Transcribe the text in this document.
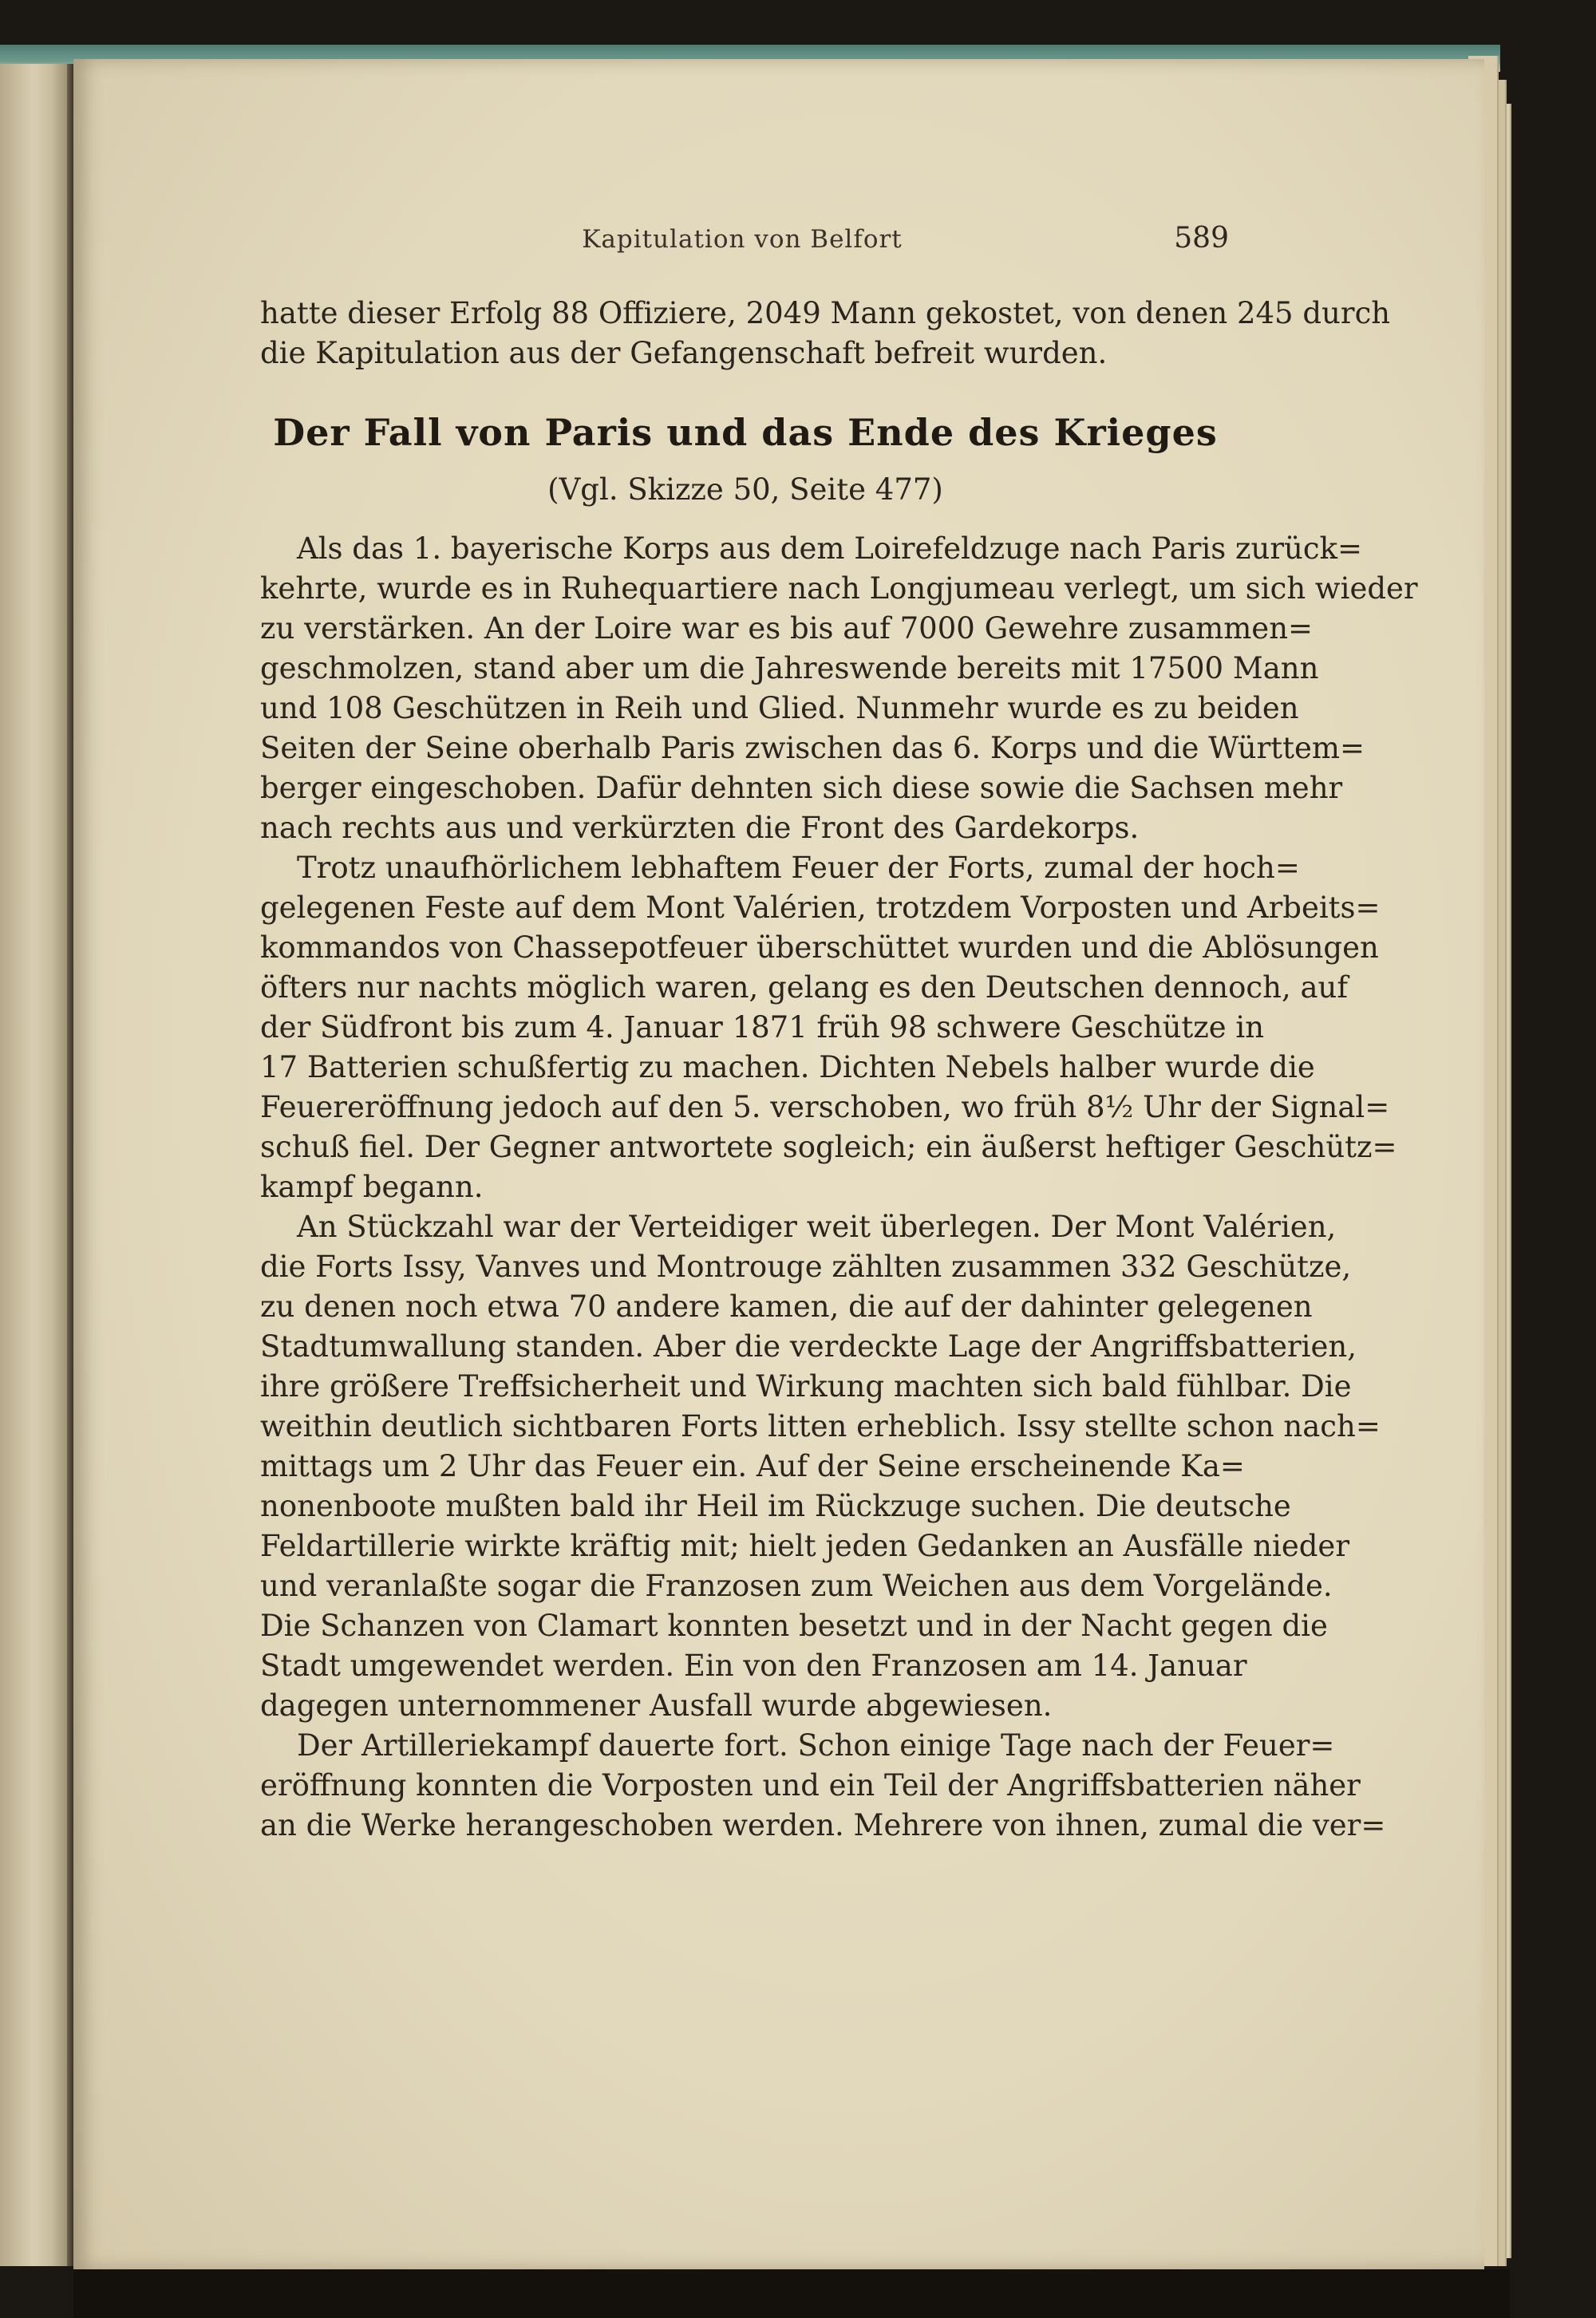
Kapitulation von Belfort	589
hatte dieser Erfolg 88 Offiziere, 2049 Mann gekostet, von denen 245 durch
die Kapitulation aus der Gefangenschaft befreit wurden.
Der Fall von Paris und das Ende des Krieges
(Vgl. Skizze 50, Seite 477)
Als das 1. bayerische Korps aus dem Loirefeldzuge nach Paris zurück=
kehrte, wurde es in Ruhequartiere nach Longjumeau verlegt, um sich wieder
zu verstärken. An der Loire war es bis auf 7000 Gewehre zusammen=
geschmolzen, stand aber um die Jahreswende bereits mit 17500 Mann
und 108 Geschützen in Reih und Glied. Nunmehr wurde es zu beiden
Seiten der Seine oberhalb Paris zwischen das 6. Korps und die Württem=
berger eingeschoben. Dafür dehnten sich diese sowie die Sachsen mehr
nach rechts aus und verkürzten die Front des Gardekorps.
Trotz unaufhörlichem lebhaftem Feuer der Forts, zumal der hoch=
gelegenen Feste auf dem Mont Valérien, trotzdem Vorposten und Arbeits=
kommandos von Chassepotfeuer überschüttet wurden und die Ablösungen
öfters nur nachts möglich waren, gelang es den Deutschen dennoch, auf
der Südfront bis zum 4. Januar 1871 früh 98 schwere Geschütze in
17 Batterien schußfertig zu machen. Dichten Nebels halber wurde die
Feuereröffnung jedoch auf den 5. verschoben, wo früh 8½ Uhr der Signal=
schuß fiel. Der Gegner antwortete sogleich; ein äußerst heftiger Geschütz=
kampf begann.
An Stückzahl war der Verteidiger weit überlegen. Der Mont Valérien,
die Forts Issy, Vanves und Montrouge zählten zusammen 332 Geschütze,
zu denen noch etwa 70 andere kamen, die auf der dahinter gelegenen
Stadtumwallung standen. Aber die verdeckte Lage der Angriffsbatterien,
ihre größere Treffsicherheit und Wirkung machten sich bald fühlbar. Die
weithin deutlich sichtbaren Forts litten erheblich. Issy stellte schon nach=
mittags um 2 Uhr das Feuer ein. Auf der Seine erscheinende Ka=
nonenboote mußten bald ihr Heil im Rückzuge suchen. Die deutsche
Feldartillerie wirkte kräftig mit; hielt jeden Gedanken an Ausfälle nieder
und veranlaßte sogar die Franzosen zum Weichen aus dem Vorgelände.
Die Schanzen von Clamart konnten besetzt und in der Nacht gegen die
Stadt umgewendet werden. Ein von den Franzosen am 14. Januar
dagegen unternommener Ausfall wurde abgewiesen.
Der Artilleriekampf dauerte fort. Schon einige Tage nach der Feuer=
eröffnung konnten die Vorposten und ein Teil der Angriffsbatterien näher
an die Werke herangeschoben werden. Mehrere von ihnen, zumal die ver=
